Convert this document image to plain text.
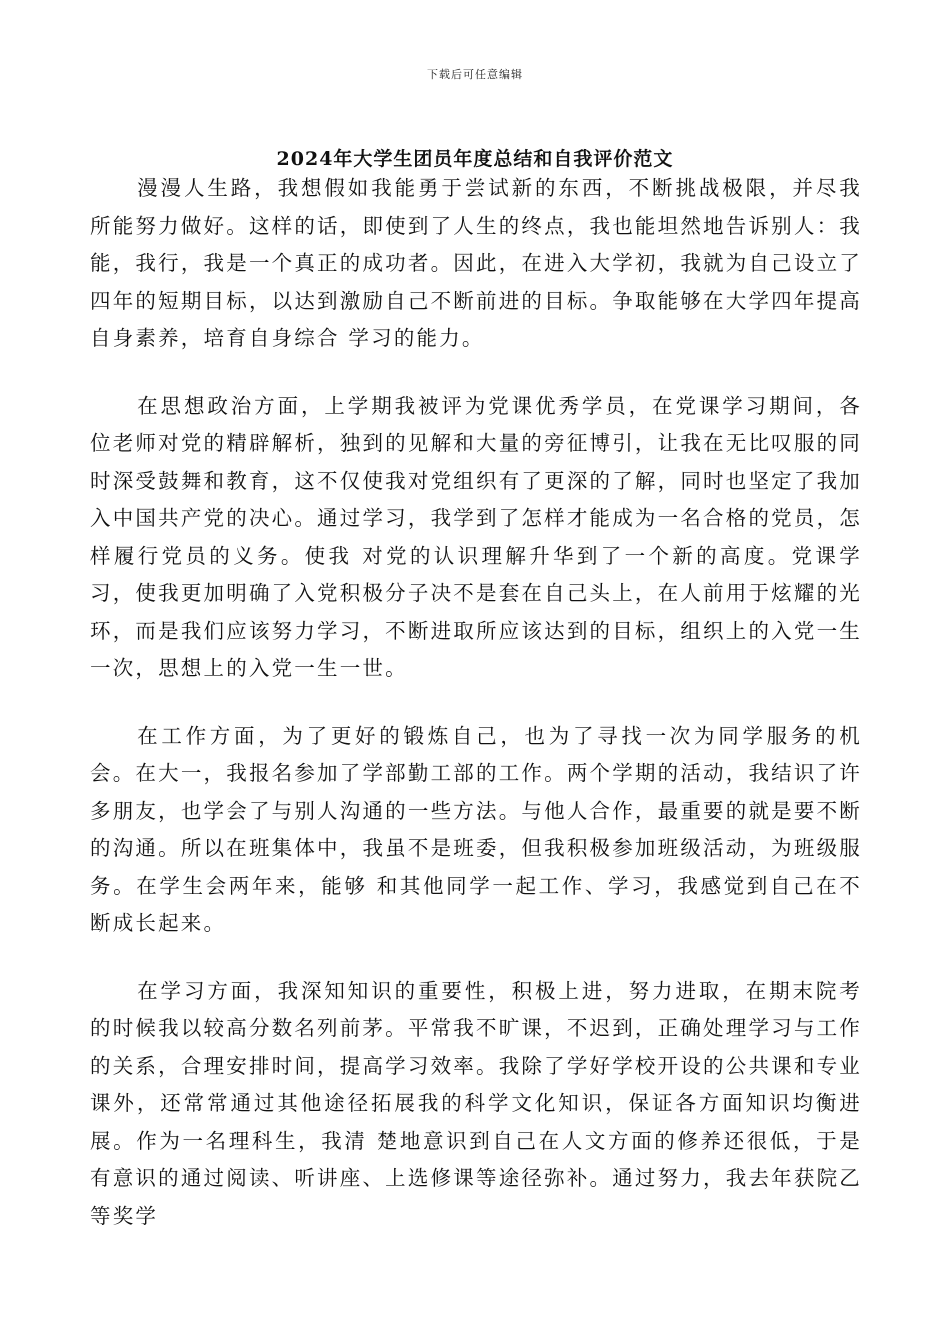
下载后可任意编辑
2024年大学生团员年度总结和自我评价范文

漫漫人生路，我想假如我能勇于尝试新的东西，不断挑战极限，并尽我所能努力做好。这样的话，即使到了人生的终点，我也能坦然地告诉别人：我能，我行，我是一个真正的成功者。因此，在进入大学初，我就为自己设立了四年的短期目标，以达到激励自己不断前进的目标。争取能够在大学四年提高自身素养，培育自身综合 学习的能力。

在思想政治方面，上学期我被评为党课优秀学员，在党课学习期间，各位老师对党的精辟解析，独到的见解和大量的旁征博引，让我在无比叹服的同时深受鼓舞和教育，这不仅使我对党组织有了更深的了解，同时也坚定了我加入中国共产党的决心。通过学习，我学到了怎样才能成为一名合格的党员，怎样履行党员的义务。使我 对党的认识理解升华到了一个新的高度。党课学习，使我更加明确了入党积极分子决不是套在自己头上，在人前用于炫耀的光环，而是我们应该努力学习，不断进取所应该达到的目标，组织上的入党一生一次，思想上的入党一生一世。

在工作方面，为了更好的锻炼自己，也为了寻找一次为同学服务的机会。在大一，我报名参加了学部勤工部的工作。两个学期的活动，我结识了许多朋友，也学会了与别人沟通的一些方法。与他人合作，最重要的就是要不断的沟通。所以在班集体中，我虽不是班委，但我积极参加班级活动，为班级服务。在学生会两年来，能够 和其他同学一起工作、学习，我感觉到自己在不断成长起来。

在学习方面，我深知知识的重要性，积极上进，努力进取，在期末院考的时候我以较高分数名列前茅。平常我不旷课，不迟到，正确处理学习与工作的关系，合理安排时间，提高学习效率。我除了学好学校开设的公共课和专业课外，还常常通过其他途径拓展我的科学文化知识，保证各方面知识均衡进展。作为一名理科生，我清 楚地意识到自己在人文方面的修养还很低，于是有意识的通过阅读、听讲座、上选修课等途径弥补。通过努力，我去年获院乙等奖学
